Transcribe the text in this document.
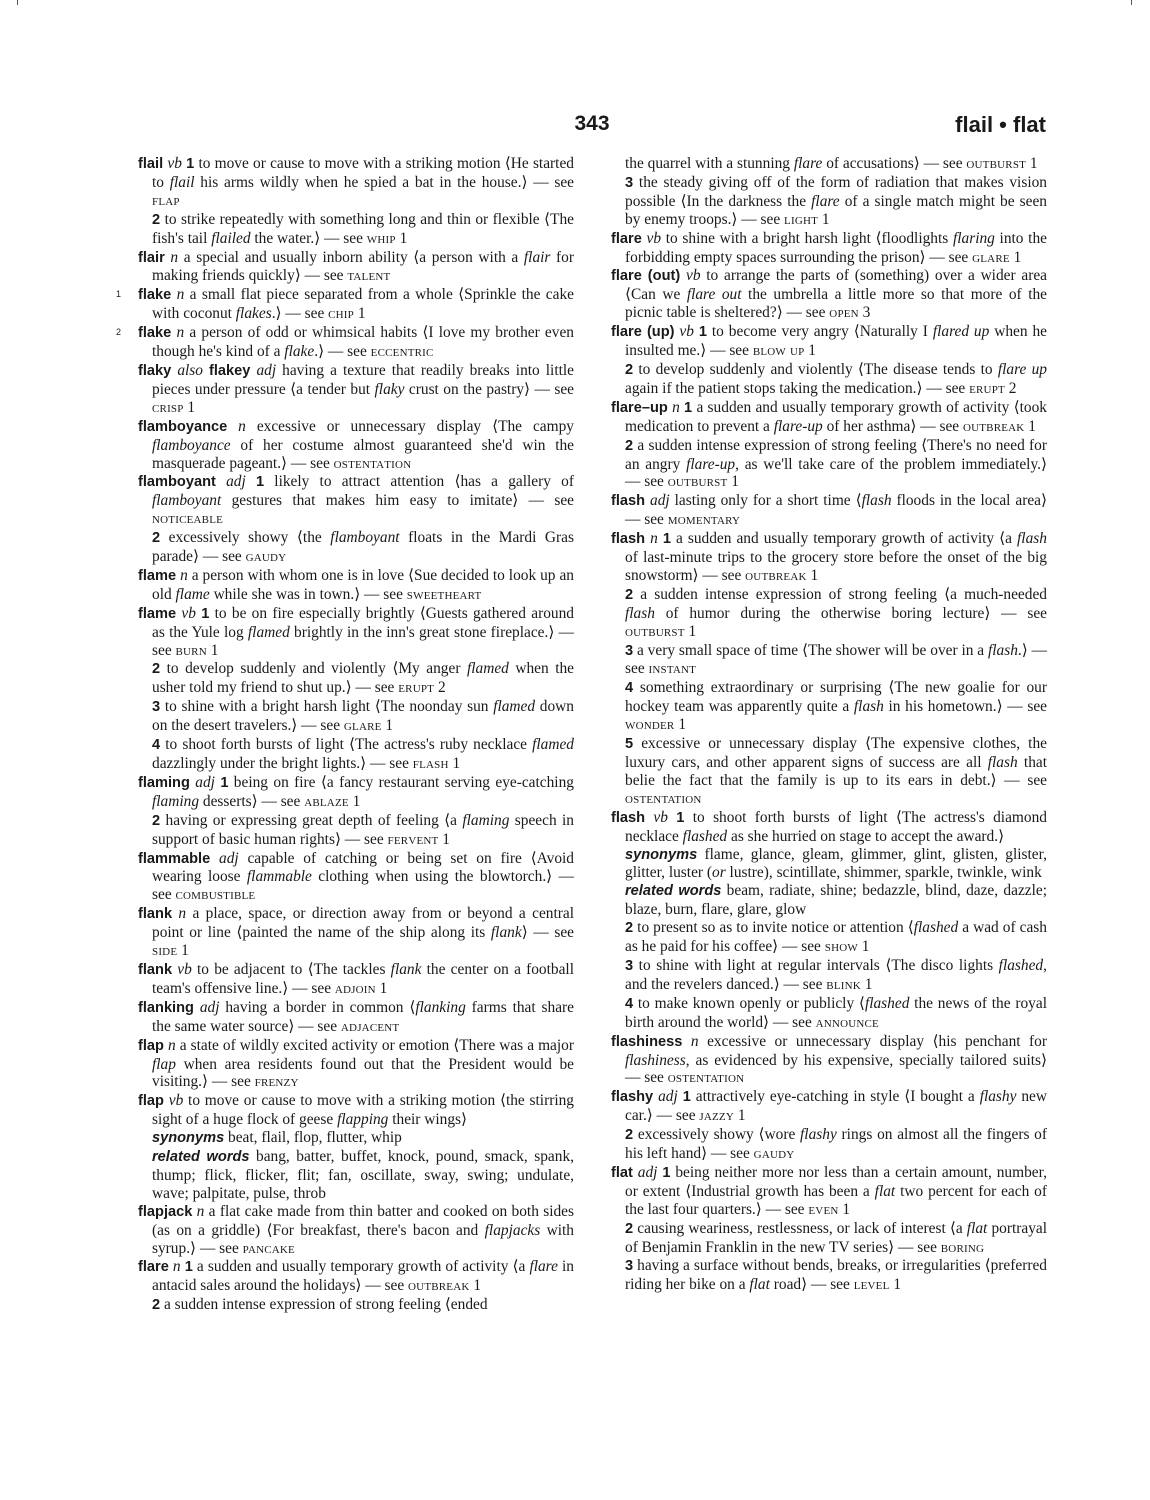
343	flail • flat

flail vb 1 to move or cause to move with a striking motion ⟨He started to flail his arms wildly when he spied a bat in the house.⟩ — see flap

2 to strike repeatedly with something long and thin or flexible ⟨The fish's tail flailed the water.⟩ — see whip 1

flair n a special and usually inborn ability ⟨a person with a flair for making friends quickly⟩ — see talent

1	flake n a small flat piece separated from a whole ⟨Sprinkle the cake with coconut flakes.⟩ — see chip 1

2	flake n a person of odd or whimsical habits ⟨I love my brother even though he's kind of a flake.⟩ — see eccentric

flaky also flakey adj having a texture that readily breaks into little pieces under pressure ⟨a tender but flaky crust on the pastry⟩ — see crisp 1

flamboyance n excessive or unnecessary display ⟨The campy flamboyance of her costume almost guaranteed she'd win the masquerade pageant.⟩ — see ostentation

flamboyant adj 1 likely to attract attention ⟨has a gallery of flamboyant gestures that makes him easy to imitate⟩ — see noticeable

2 excessively showy ⟨the flamboyant floats in the Mardi Gras parade⟩ — see gaudy

flame n a person with whom one is in love ⟨Sue decided to look up an old flame while she was in town.⟩ — see sweetheart

flame vb 1 to be on fire especially brightly ⟨Guests gathered around as the Yule log flamed brightly in the inn's great stone fireplace.⟩ — see burn 1

2 to develop suddenly and violently ⟨My anger flamed when the usher told my friend to shut up.⟩ — see erupt 2

3 to shine with a bright harsh light ⟨The noonday sun flamed down on the desert travelers.⟩ — see glare 1

4 to shoot forth bursts of light ⟨The actress's ruby necklace flamed dazzlingly under the bright lights.⟩ — see flash 1

flaming adj 1 being on fire ⟨a fancy restaurant serving eye-catching flaming desserts⟩ — see ablaze 1

2 having or expressing great depth of feeling ⟨a flaming speech in support of basic human rights⟩ — see fervent 1

flammable adj capable of catching or being set on fire ⟨Avoid wearing loose flammable clothing when using the blowtorch.⟩ — see combustible

flank n a place, space, or direction away from or beyond a central point or line ⟨painted the name of the ship along its flank⟩ — see side 1

flank vb to be adjacent to ⟨The tackles flank the center on a football team's offensive line.⟩ — see adjoin 1

flanking adj having a border in common ⟨flanking farms that share the same water source⟩ — see adjacent

flap n a state of wildly excited activity or emotion ⟨There was a major flap when area residents found out that the President would be visiting.⟩ — see frenzy

flap vb to move or cause to move with a striking motion ⟨the stirring sight of a huge flock of geese flapping their wings⟩

synonyms beat, flail, flop, flutter, whip

related words bang, batter, buffet, knock, pound, smack, spank, thump; flick, flicker, flit; fan, oscillate, sway, swing; undulate, wave; palpitate, pulse, throb

flapjack n a flat cake made from thin batter and cooked on both sides (as on a griddle) ⟨For breakfast, there's bacon and flapjacks with syrup.⟩ — see pancake

flare n 1 a sudden and usually temporary growth of activity ⟨a flare in antacid sales around the holidays⟩ — see outbreak 1

2 a sudden intense expression of strong feeling ⟨ended

the quarrel with a stunning flare of accusations⟩ — see outburst 1

3 the steady giving off of the form of radiation that makes vision possible ⟨In the darkness the flare of a single match might be seen by enemy troops.⟩ — see light 1

flare vb to shine with a bright harsh light ⟨floodlights flaring into the forbidding empty spaces surrounding the prison⟩ — see glare 1

flare (out) vb to arrange the parts of (something) over a wider area ⟨Can we flare out the umbrella a little more so that more of the picnic table is sheltered?⟩ — see open 3

flare (up) vb 1 to become very angry ⟨Naturally I flared up when he insulted me.⟩ — see blow up 1

2 to develop suddenly and violently ⟨The disease tends to flare up again if the patient stops taking the medication.⟩ — see erupt 2

flare–up n 1 a sudden and usually temporary growth of activity ⟨took medication to prevent a flare-up of her asthma⟩ — see outbreak 1

2 a sudden intense expression of strong feeling ⟨There's no need for an angry flare-up, as we'll take care of the problem immediately.⟩ — see outburst 1

flash adj lasting only for a short time ⟨flash floods in the local area⟩ — see momentary

flash n 1 a sudden and usually temporary growth of activity ⟨a flash of last-minute trips to the grocery store before the onset of the big snowstorm⟩ — see outbreak 1

2 a sudden intense expression of strong feeling ⟨a much-needed flash of humor during the otherwise boring lecture⟩ — see outburst 1

3 a very small space of time ⟨The shower will be over in a flash.⟩ — see instant

4 something extraordinary or surprising ⟨The new goalie for our hockey team was apparently quite a flash in his hometown.⟩ — see wonder 1

5 excessive or unnecessary display ⟨The expensive clothes, the luxury cars, and other apparent signs of success are all flash that belie the fact that the family is up to its ears in debt.⟩ — see ostentation

flash vb 1 to shoot forth bursts of light ⟨The actress's diamond necklace flashed as she hurried on stage to accept the award.⟩

synonyms flame, glance, gleam, glimmer, glint, glisten, glister, glitter, luster (or lustre), scintillate, shimmer, sparkle, twinkle, wink

related words beam, radiate, shine; bedazzle, blind, daze, dazzle; blaze, burn, flare, glare, glow

2 to present so as to invite notice or attention ⟨flashed a wad of cash as he paid for his coffee⟩ — see show 1

3 to shine with light at regular intervals ⟨The disco lights flashed, and the revelers danced.⟩ — see blink 1

4 to make known openly or publicly ⟨flashed the news of the royal birth around the world⟩ — see announce

flashiness n excessive or unnecessary display ⟨his penchant for flashiness, as evidenced by his expensive, specially tailored suits⟩ — see ostentation

flashy adj 1 attractively eye-catching in style ⟨I bought a flashy new car.⟩ — see jazzy 1

2 excessively showy ⟨wore flashy rings on almost all the fingers of his left hand⟩ — see gaudy

flat adj 1 being neither more nor less than a certain amount, number, or extent ⟨Industrial growth has been a flat two percent for each of the last four quarters.⟩ — see even 1

2 causing weariness, restlessness, or lack of interest ⟨a flat portrayal of Benjamin Franklin in the new TV series⟩ — see boring

3 having a surface without bends, breaks, or irregularities ⟨preferred riding her bike on a flat road⟩ — see level 1
